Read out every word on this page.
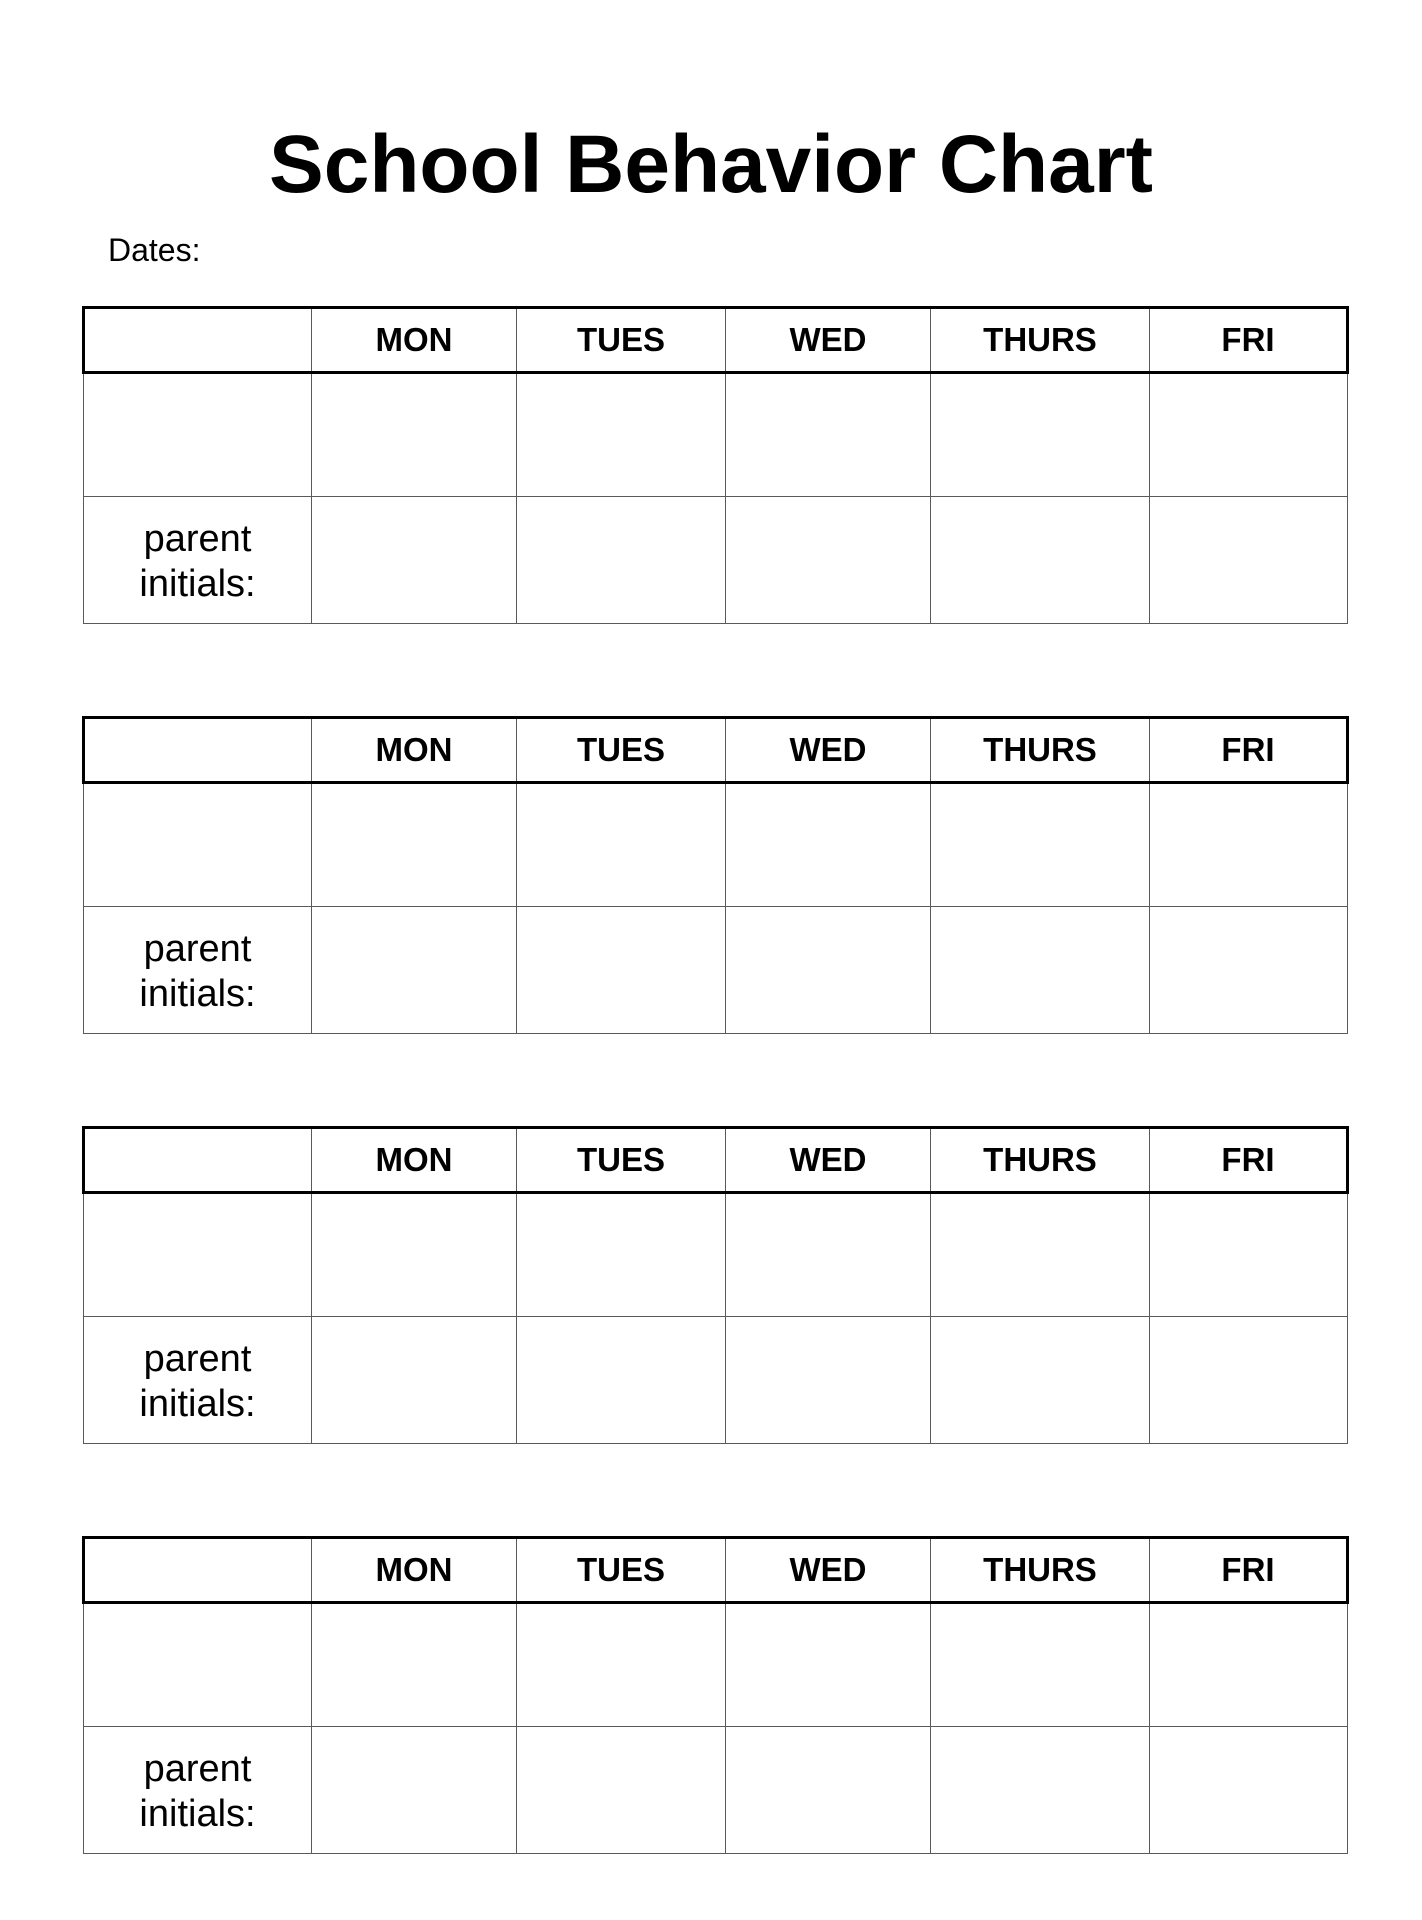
School Behavior Chart
Dates:
	MON	TUES	WED	THURS	FRI

parent
initials:					

	MON	TUES	WED	THURS	FRI

parent
initials:					

	MON	TUES	WED	THURS	FRI

parent
initials:					

	MON	TUES	WED	THURS	FRI

parent
initials:					
